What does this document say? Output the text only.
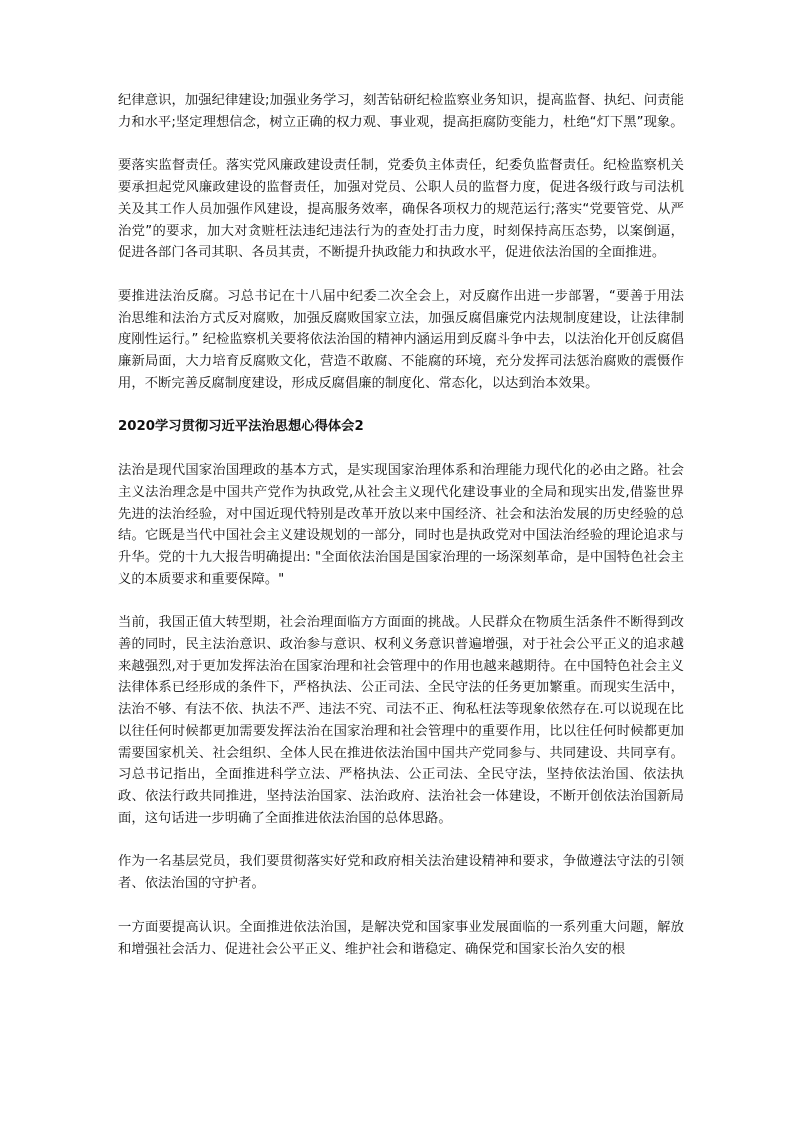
纪律意识，加强纪律建设;加强业务学习，刻苦钻研纪检监察业务知识，提高监督、执纪、问责能力和水平;坚定理想信念，树立正确的权力观、事业观，提高拒腐防变能力，杜绝“灯下黑”现象。

要落实监督责任。落实党风廉政建设责任制，党委负主体责任，纪委负监督责任。纪检监察机关要承担起党风廉政建设的监督责任，加强对党员、公职人员的监督力度，促进各级行政与司法机关及其工作人员加强作风建设，提高服务效率，确保各项权力的规范运行;落实“党要管党、从严治党”的要求，加大对贪赃枉法违纪违法行为的查处打击力度，时刻保持高压态势，以案倒逼，促进各部门各司其职、各员其责，不断提升执政能力和执政水平，促进依法治国的全面推进。

要推进法治反腐。习总书记在十八届中纪委二次全会上，对反腐作出进一步部署，“要善于用法治思维和法治方式反对腐败，加强反腐败国家立法，加强反腐倡廉党内法规制度建设，让法律制度刚性运行。” 纪检监察机关要将依法治国的精神内涵运用到反腐斗争中去，以法治化开创反腐倡廉新局面，大力培育反腐败文化，营造不敢腐、不能腐的环境，充分发挥司法惩治腐败的震慑作用，不断完善反腐制度建设，形成反腐倡廉的制度化、常态化，以达到治本效果。

2020学习贯彻习近平法治思想心得体会2

法治是现代国家治国理政的基本方式，是实现国家治理体系和治理能力现代化的必由之路。社会主义法治理念是中国共产党作为执政党,从社会主义现代化建设事业的全局和现实出发,借鉴世界先进的法治经验，对中国近现代特别是改革开放以来中国经济、社会和法治发展的历史经验的总结。它既是当代中国社会主义建设规划的一部分，同时也是执政党对中国法治经验的理论追求与升华。党的十九大报告明确提出: "全面依法治国是国家治理的一场深刻革命，是中国特色社会主义的本质要求和重要保障。"

当前，我国正值大转型期，社会治理面临方方面面的挑战。人民群众在物质生活条件不断得到改善的同时，民主法治意识、政治参与意识、权利义务意识普遍增强，对于社会公平正义的追求越来越强烈,对于更加发挥法治在国家治理和社会管理中的作用也越来越期待。在中国特色社会主义法律体系已经形成的条件下，严格执法、公正司法、全民守法的任务更加繁重。而现实生活中，法治不够、有法不依、执法不严、违法不究、司法不正、徇私枉法等现象依然存在.可以说现在比以往任何时候都更加需要发挥法治在国家治理和社会管理中的重要作用，比以往任何时候都更加需要国家机关、社会组织、全体人民在推进依法治国中国共产党同参与、共同建设、共同享有。习总书记指出，全面推进科学立法、严格执法、公正司法、全民守法，坚持依法治国、依法执政、依法行政共同推进，坚持法治国家、法治政府、法治社会一体建设，不断开创依法治国新局面，这句话进一步明确了全面推进依法治国的总体思路。

作为一名基层党员，我们要贯彻落实好党和政府相关法治建设精神和要求，争做遵法守法的引领者、依法治国的守护者。

一方面要提高认识。全面推进依法治国，是解决党和国家事业发展面临的一系列重大问题，解放和增强社会活力、促进社会公平正义、维护社会和谐稳定、确保党和国家长治久安的根
